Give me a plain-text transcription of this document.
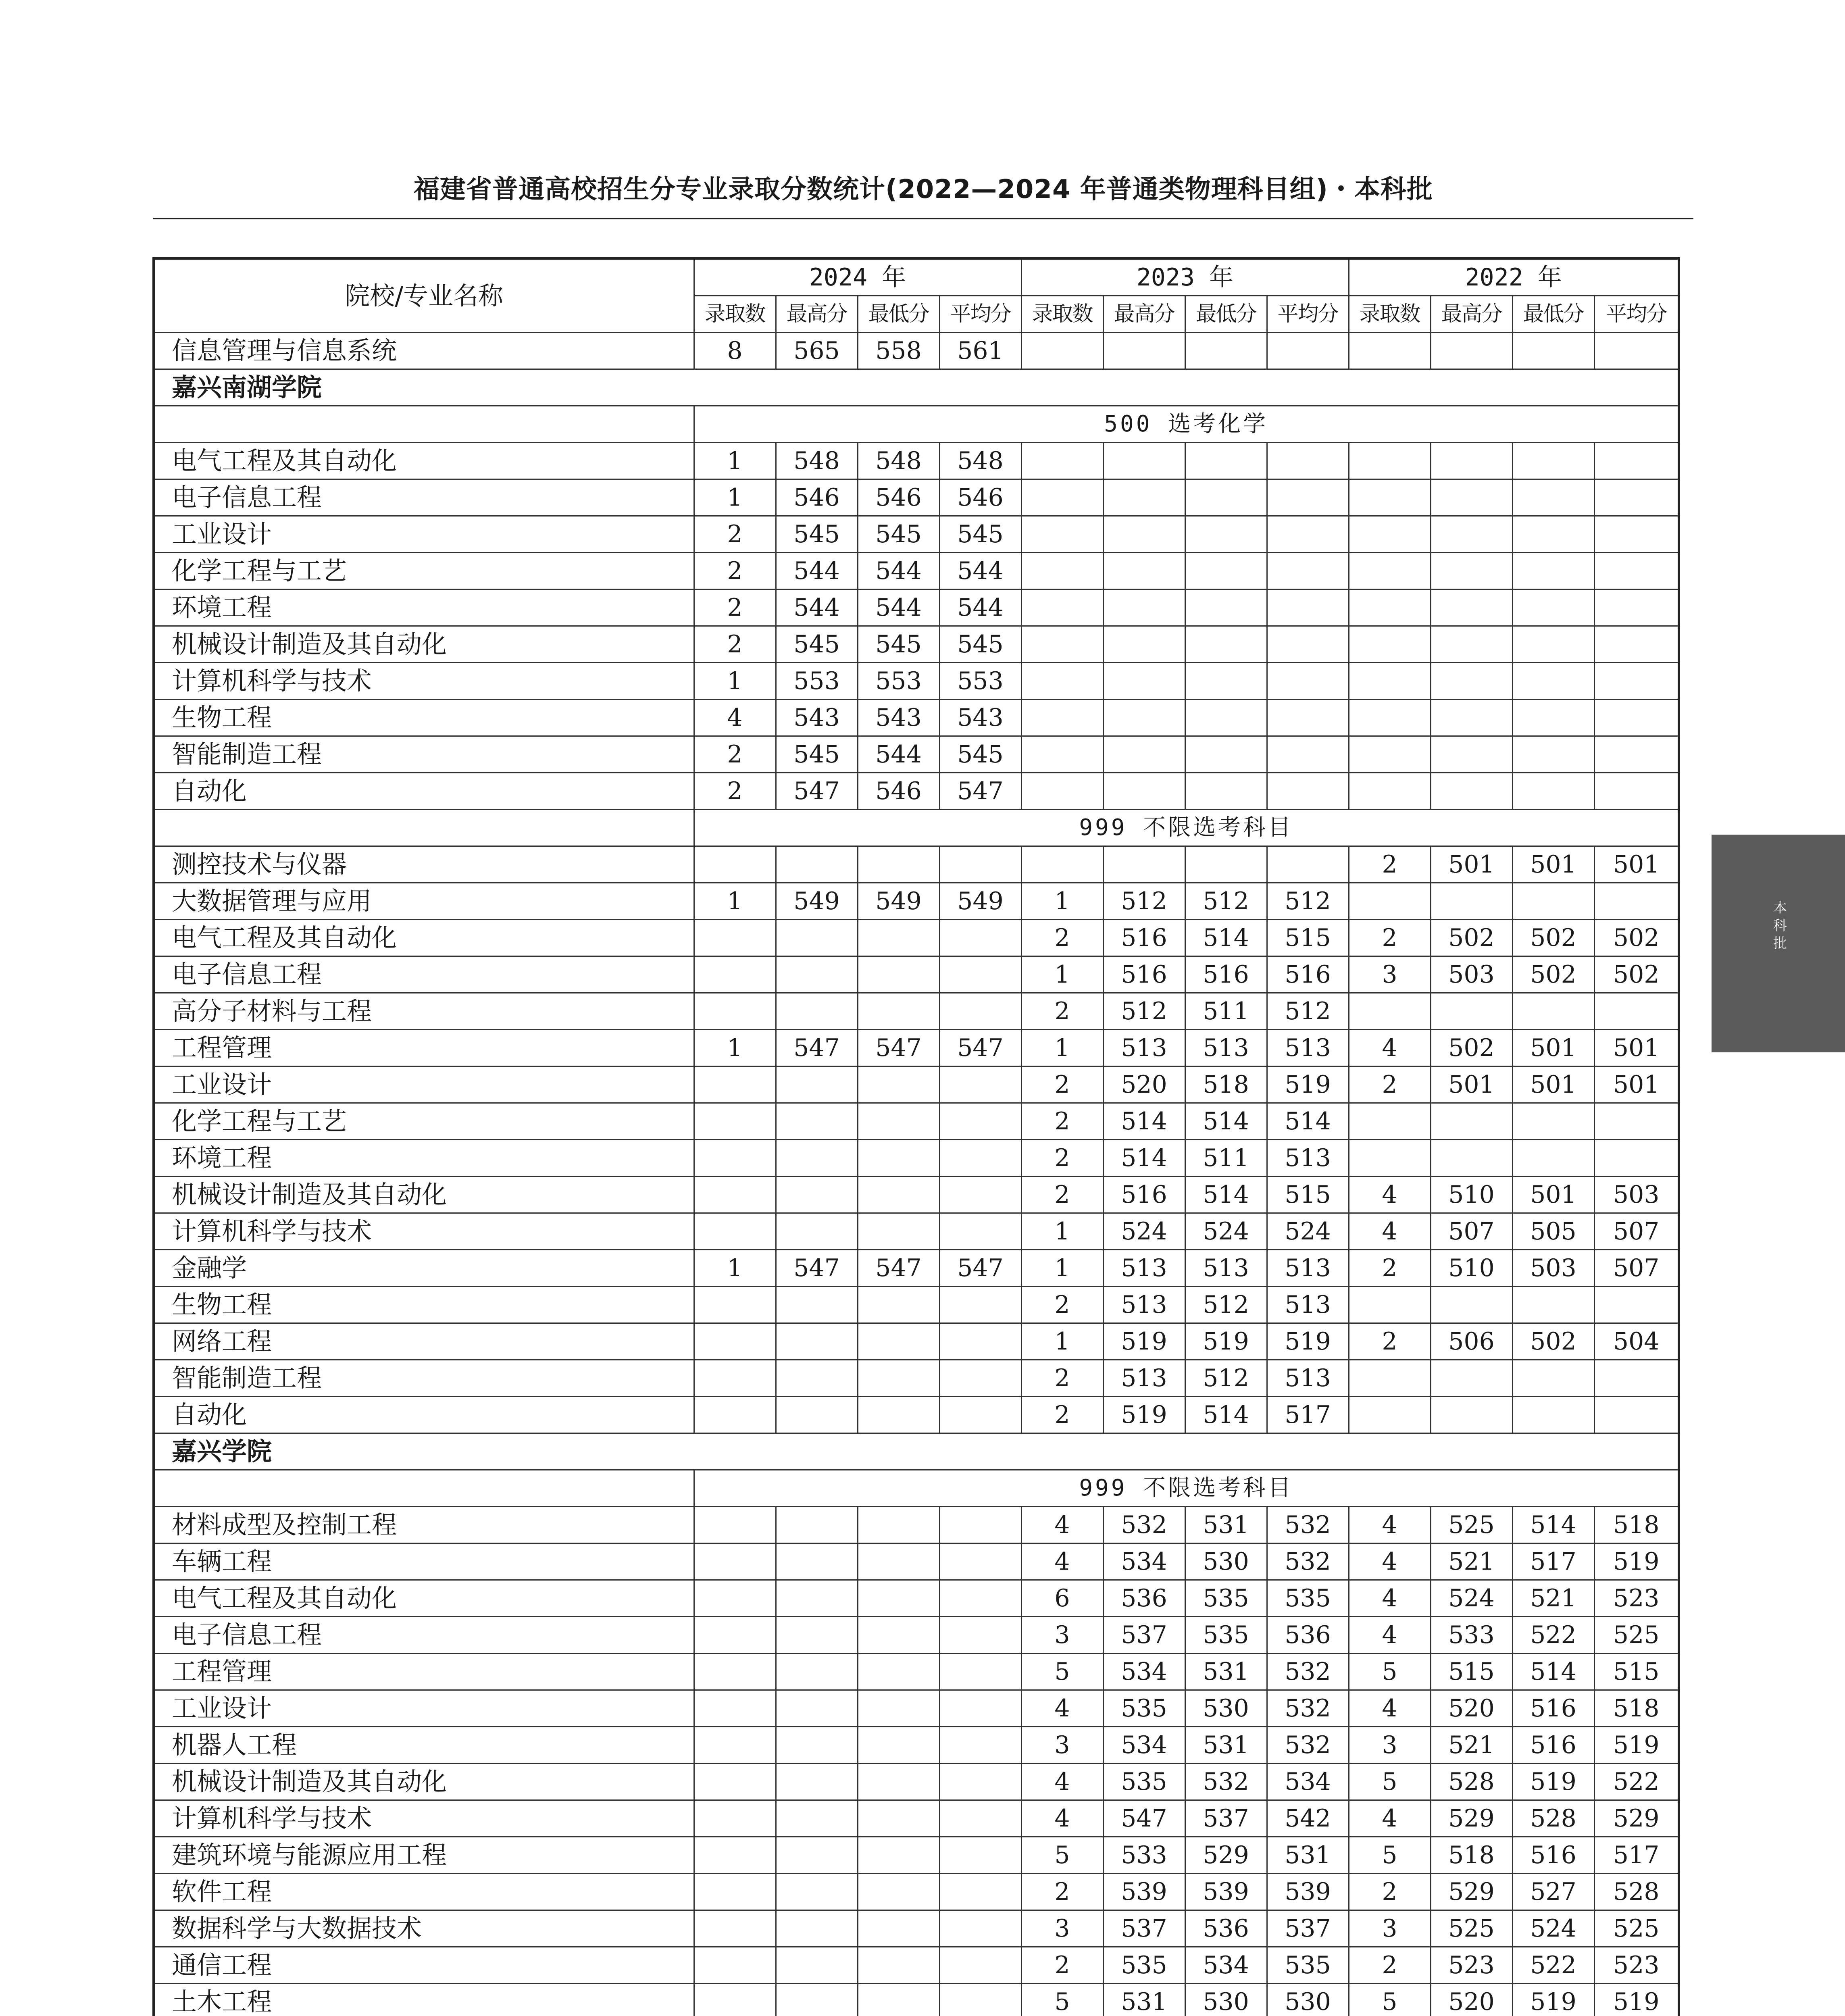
福建省普通高校招生分专业录取分数统计(2022—2024 年普通类物理科目组)・本科批
院校/专业名称	2024 年				2023 年				2022 年			
	录取数	最高分	最低分	平均分	录取数	最高分	最低分	平均分	录取数	最高分	最低分	平均分
信息管理与信息系统	8	565	558	561								
嘉兴南湖学院												
	500 选考化学											
电气工程及其自动化	1	548	548	548								
电子信息工程	1	546	546	546								
工业设计	2	545	545	545								
化学工程与工艺	2	544	544	544								
环境工程	2	544	544	544								
机械设计制造及其自动化	2	545	545	545								
计算机科学与技术	1	553	553	553								
生物工程	4	543	543	543								
智能制造工程	2	545	544	545								
自动化	2	547	546	547								
	999 不限选考科目											
测控技术与仪器									2	501	501	501
大数据管理与应用	1	549	549	549	1	512	512	512				
电气工程及其自动化					2	516	514	515	2	502	502	502
电子信息工程					1	516	516	516	3	503	502	502
高分子材料与工程					2	512	511	512				
工程管理	1	547	547	547	1	513	513	513	4	502	501	501
工业设计					2	520	518	519	2	501	501	501
化学工程与工艺					2	514	514	514				
环境工程					2	514	511	513				
机械设计制造及其自动化					2	516	514	515	4	510	501	503
计算机科学与技术					1	524	524	524	4	507	505	507
金融学	1	547	547	547	1	513	513	513	2	510	503	507
生物工程					2	513	512	513				
网络工程					1	519	519	519	2	506	502	504
智能制造工程					2	513	512	513				
自动化					2	519	514	517				
嘉兴学院												
	999 不限选考科目											
材料成型及控制工程					4	532	531	532	4	525	514	518
车辆工程					4	534	530	532	4	521	517	519
电气工程及其自动化					6	536	535	535	4	524	521	523
电子信息工程					3	537	535	536	4	533	522	525
工程管理					5	534	531	532	5	515	514	515
工业设计					4	535	530	532	4	520	516	518
机器人工程					3	534	531	532	3	521	516	519
机械设计制造及其自动化					4	535	532	534	5	528	519	522
计算机科学与技术					4	547	537	542	4	529	528	529
建筑环境与能源应用工程					5	533	529	531	5	518	516	517
软件工程					2	539	539	539	2	529	527	528
数据科学与大数据技术					3	537	536	537	3	525	524	525
通信工程					2	535	534	535	2	523	522	523
土木工程					5	531	530	530	5	520	519	519

本科批
